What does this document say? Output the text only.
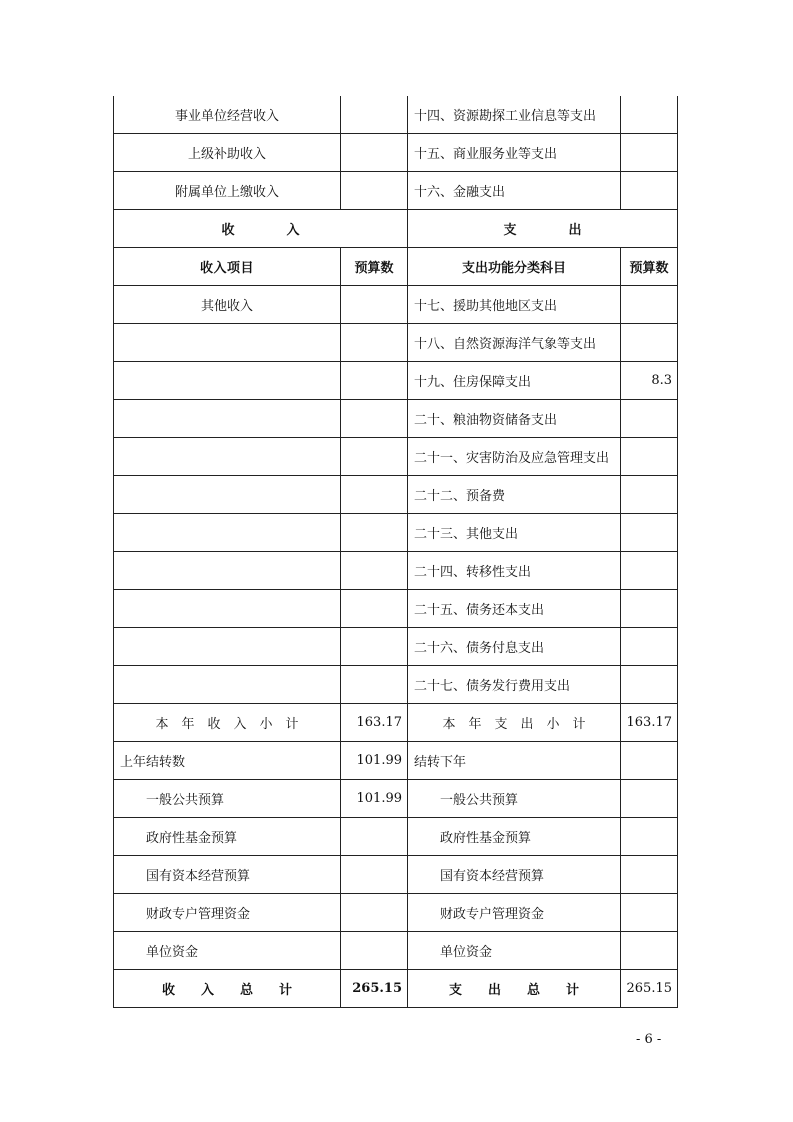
事业单位经营收入		十四、资源勘探工业信息等支出	
上级补助收入		十五、商业服务业等支出	
附属单位上缴收入		十六、金融支出	
收　　　　入		支　　　　出	
收入项目	预算数	支出功能分类科目	预算数
其他收入		十七、援助其他地区支出	
		十八、自然资源海洋气象等支出	
		十九、住房保障支出	8.3
		二十、粮油物资储备支出	
		二十一、灾害防治及应急管理支出	
		二十二、预备费	
		二十三、其他支出	
		二十四、转移性支出	
		二十五、债务还本支出	
		二十六、债务付息支出	
		二十七、债务发行费用支出	
本　年　收　入　小　计	163.17	本　年　支　出　小　计	163.17
上年结转数	101.99	结转下年	
一般公共预算	101.99	一般公共预算	
政府性基金预算		政府性基金预算	
国有资本经营预算		国有资本经营预算	
财政专户管理资金		财政专户管理资金	
单位资金		单位资金	
收　　入　　总　　计	265.15	支　　出　　总　　计	265.15
- 6 -
